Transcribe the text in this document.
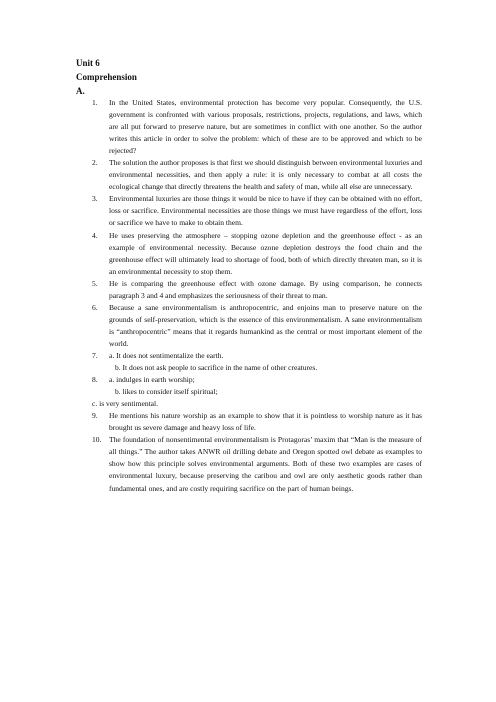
Unit 6
Comprehension
A.
1. In the United States, environmental protection has become very popular. Consequently, the U.S. government is confronted with various proposals, restrictions, projects, regulations, and laws, which are all put forward to preserve nature, but are sometimes in conflict with one another. So the author writes this article in order to solve the problem: which of these are to be approved and which to be rejected?
2. The solution the author proposes is that first we should distinguish between environmental luxuries and environmental necessities, and then apply a rule: it is only necessary to combat at all costs the ecological change that directly threatens the health and safety of man, while all else are unnecessary.
3. Environmental luxuries are those things it would be nice to have if they can be obtained with no effort, loss or sacrifice. Environmental necessities are those things we must have regardless of the effort, loss or sacrifice we have to make to obtain them.
4. He uses preserving the atmosphere – stopping ozone depletion and the greenhouse effect - as an example of environmental necessity. Because ozone depletion destroys the food chain and the greenhouse effect will ultimately lead to shortage of food, both of which directly threaten man, so it is an environmental necessity to stop them.
5. He is comparing the greenhouse effect with ozone damage. By using comparison, he connects paragraph 3 and 4 and emphasizes the seriousness of their threat to man.
6. Because a sane environmentalism is anthropocentric, and enjoins man to preserve nature on the grounds of self-preservation, which is the essence of this environmentalism. A sane environmentalism is “anthropocentric” means that it regards humankind as the central or most important element of the world.
7. a. It does not sentimentalize the earth.
b. It does not ask people to sacrifice in the name of other creatures.
8. a. indulges in earth worship;
b. likes to consider itself spiritual;
c. is very sentimental.
9. He mentions his nature worship as an example to show that it is pointless to worship nature as it has brought us severe damage and heavy loss of life.
10. The foundation of nonsentimental environmentalism is Protagoras’ maxim that “Man is the measure of all things.” The author takes ANWR oil drilling debate and Oregon spotted owl debate as examples to show how this principle solves environmental arguments. Both of these two examples are cases of environmental luxury, because preserving the caribou and owl are only aesthetic goods rather than fundamental ones, and are costly requiring sacrifice on the part of human beings.
